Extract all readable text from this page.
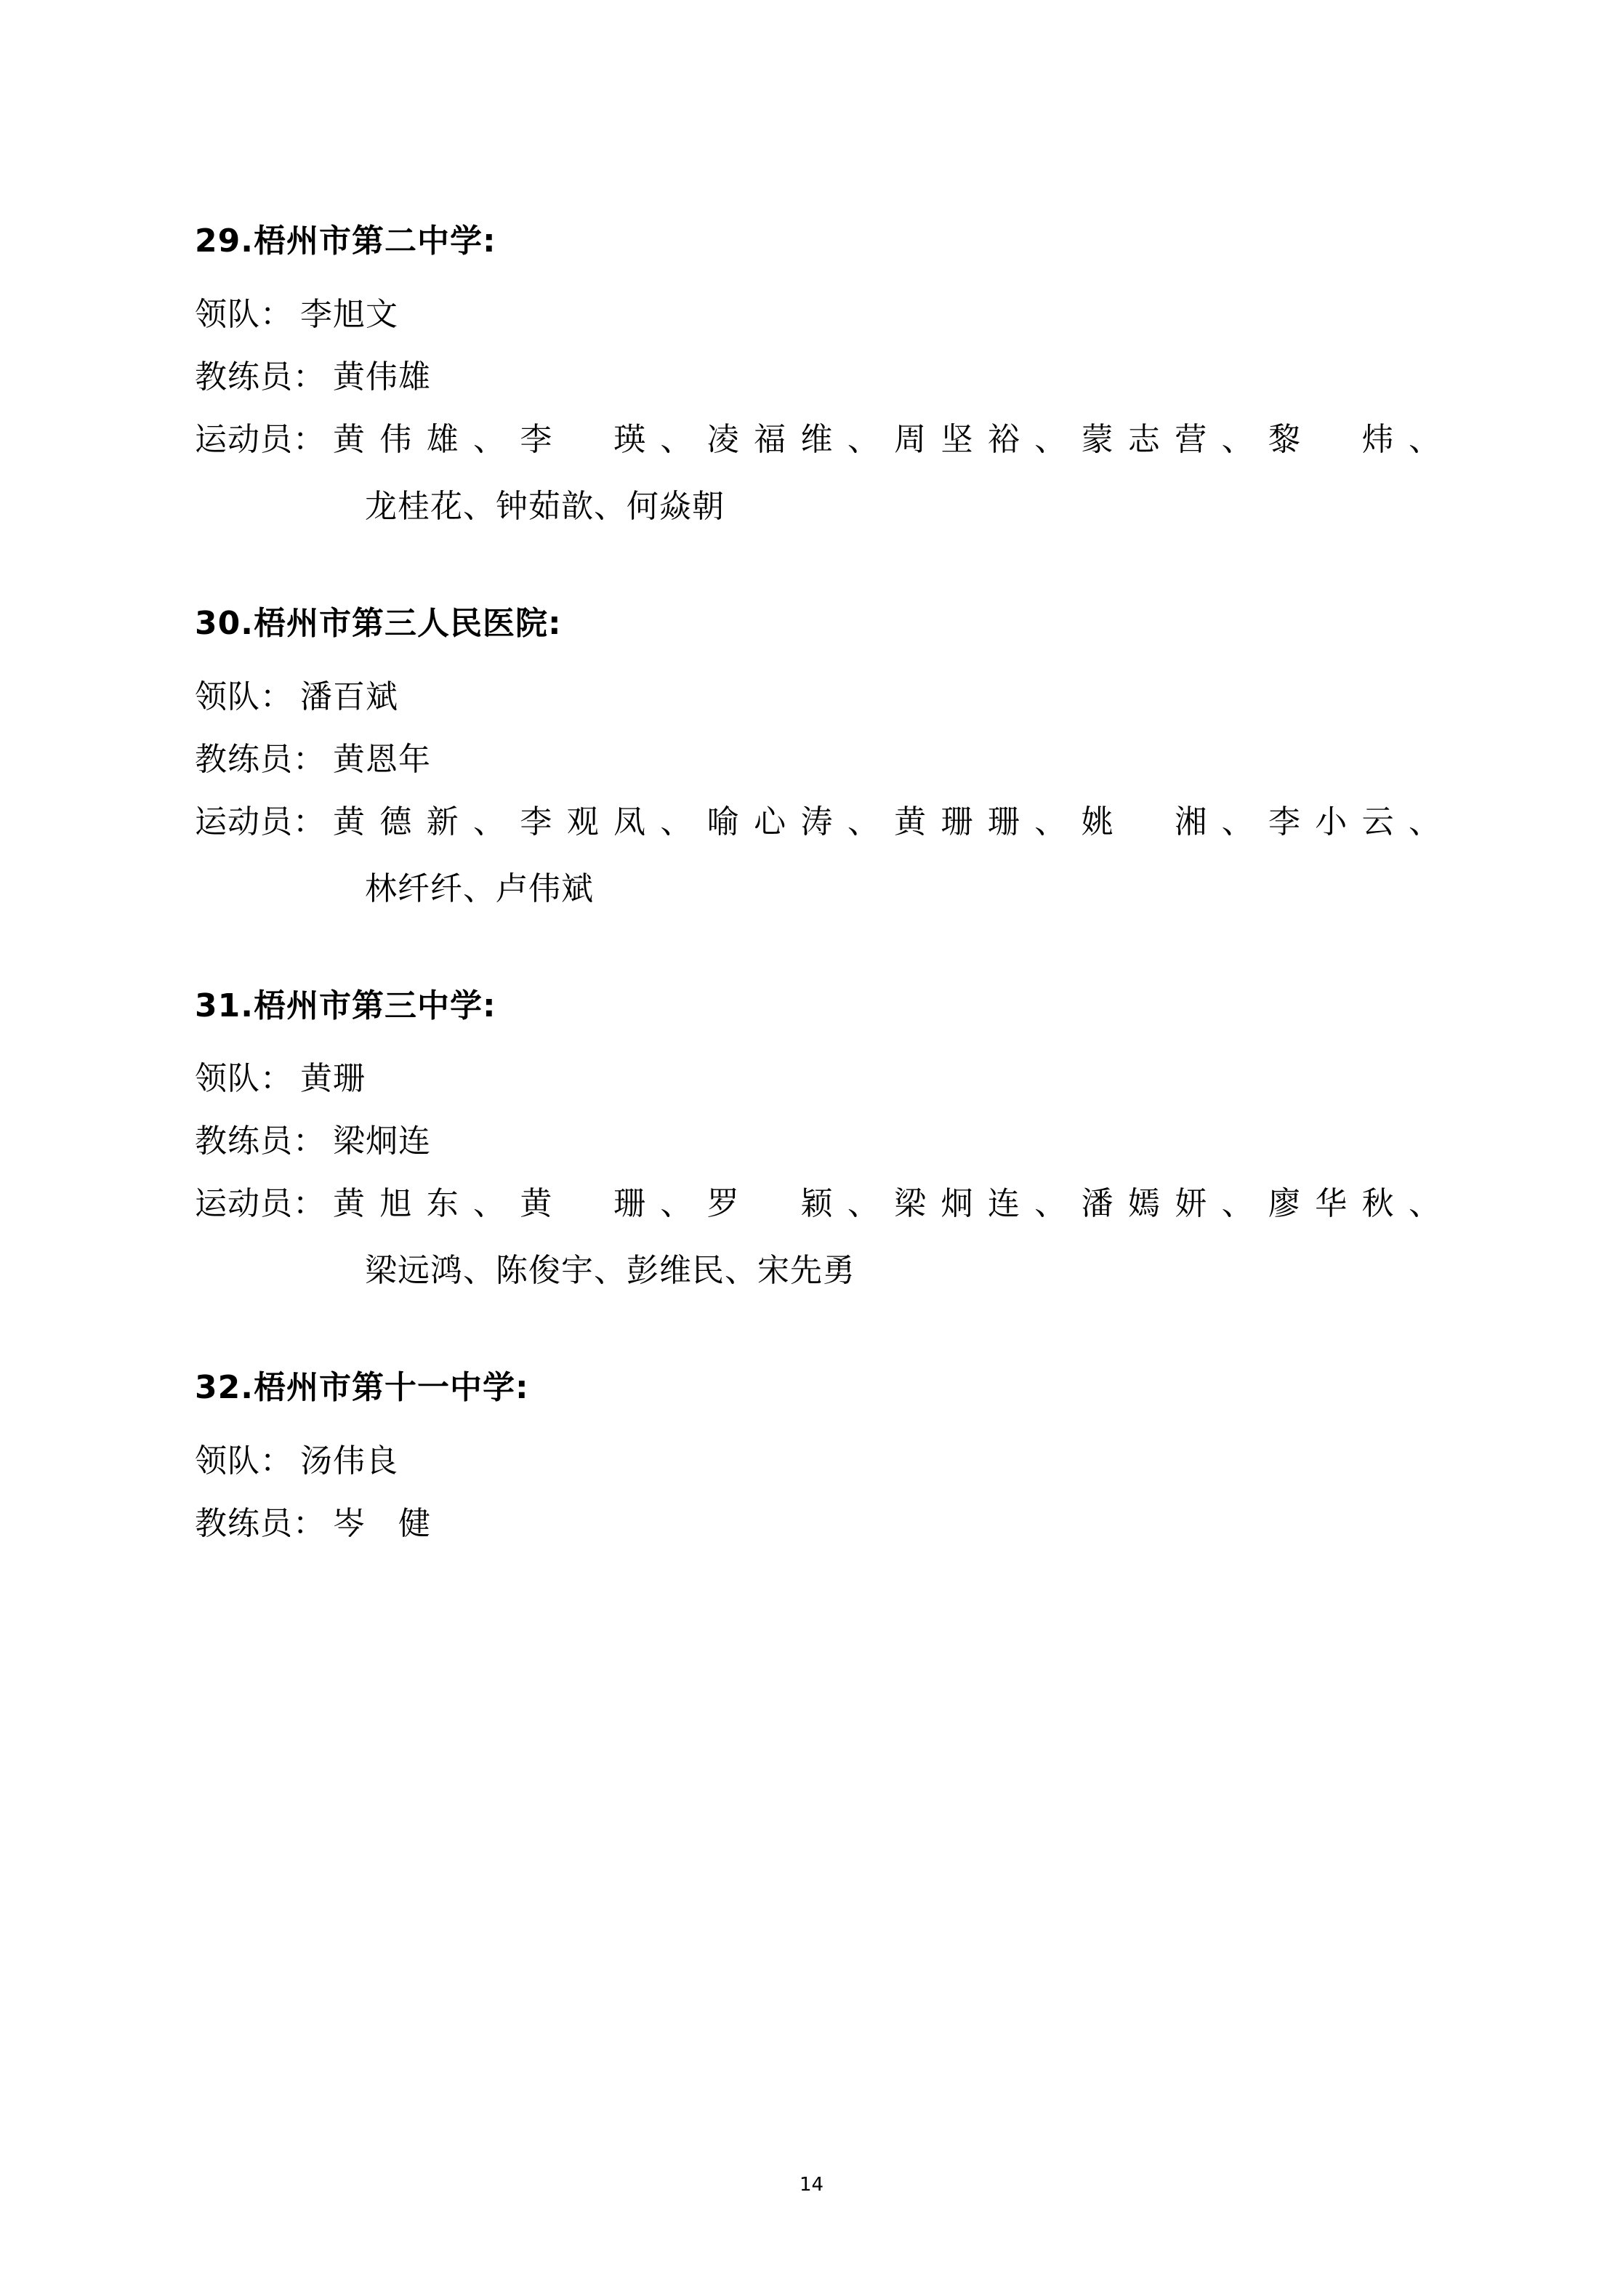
29.梧州市第二中学:
领队： 李旭文
教练员： 黄伟雄
运动员： 黄伟雄、李　瑛、凌福维、周坚裕、蒙志营、黎　炜、
龙桂花、钟茹歆、何焱朝
30.梧州市第三人民医院:
领队： 潘百斌
教练员： 黄恩年
运动员： 黄德新、李观凤、喻心涛、黄珊珊、姚　湘、李小云、
林纤纤、卢伟斌
31.梧州市第三中学:
领队： 黄珊
教练员： 梁炯连
运动员： 黄旭东、黄　珊、罗　颖、梁炯连、潘嫣妍、廖华秋、
梁远鸿、陈俊宇、彭维民、宋先勇
32.梧州市第十一中学:
领队： 汤伟良
教练员： 岑　健
14
